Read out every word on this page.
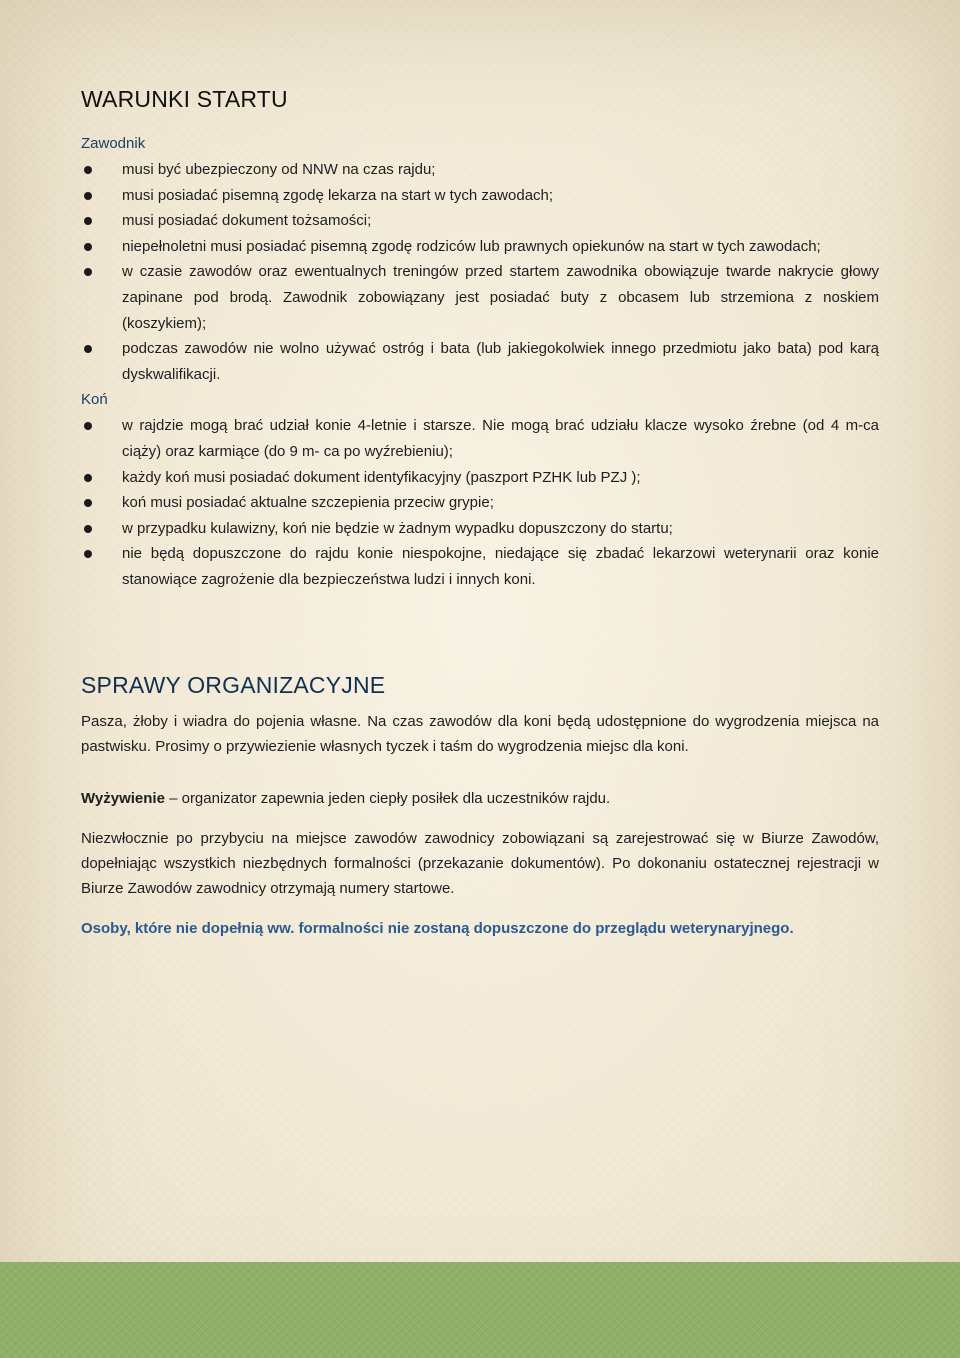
WARUNKI STARTU
Zawodnik
musi być ubezpieczony od NNW na czas rajdu;
musi posiadać pisemną zgodę lekarza na start w tych zawodach;
musi posiadać dokument tożsamości;
niepełnoletni musi posiadać pisemną zgodę rodziców lub prawnych opiekunów na start w tych zawodach;
w czasie zawodów oraz ewentualnych treningów przed startem zawodnika obowiązuje twarde nakrycie głowy zapinane pod brodą. Zawodnik zobowiązany jest posiadać buty z obcasem lub strzemiona z noskiem (koszykiem);
podczas zawodów nie wolno używać ostróg i bata (lub jakiegokolwiek innego przedmiotu jako bata) pod karą dyskwalifikacji.
Koń
w rajdzie mogą brać udział konie 4-letnie i starsze. Nie mogą brać udziału klacze wysoko źrebne (od 4 m-ca ciąży) oraz karmiące (do 9 m- ca po wyźrebieniu);
każdy koń musi posiadać dokument identyfikacyjny (paszport PZHK lub PZJ );
koń musi posiadać aktualne szczepienia przeciw grypie;
w przypadku kulawizny, koń nie będzie w żadnym wypadku dopuszczony do startu;
nie będą dopuszczone do rajdu konie niespokojne, niedające się zbadać lekarzowi weterynarii oraz konie stanowiące zagrożenie dla bezpieczeństwa ludzi i innych koni.
SPRAWY ORGANIZACYJNE

Pasza, żłoby i wiadra do pojenia własne. Na czas zawodów dla koni będą udostępnione do wygrodzenia miejsca na pastwisku. Prosimy o przywiezienie własnych tyczek i taśm do wygrodzenia miejsc dla koni.

Wyżywienie – organizator zapewnia jeden ciepły posiłek dla uczestników rajdu.

Niezwłocznie po przybyciu na miejsce zawodów zawodnicy zobowiązani są zarejestrować się w Biurze Zawodów, dopełniając wszystkich niezbędnych formalności (przekazanie dokumentów). Po dokonaniu ostatecznej rejestracji w Biurze Zawodów zawodnicy otrzymają numery startowe.

Osoby, które nie dopełnią ww. formalności nie zostaną dopuszczone do przeglądu weterynaryjnego.
